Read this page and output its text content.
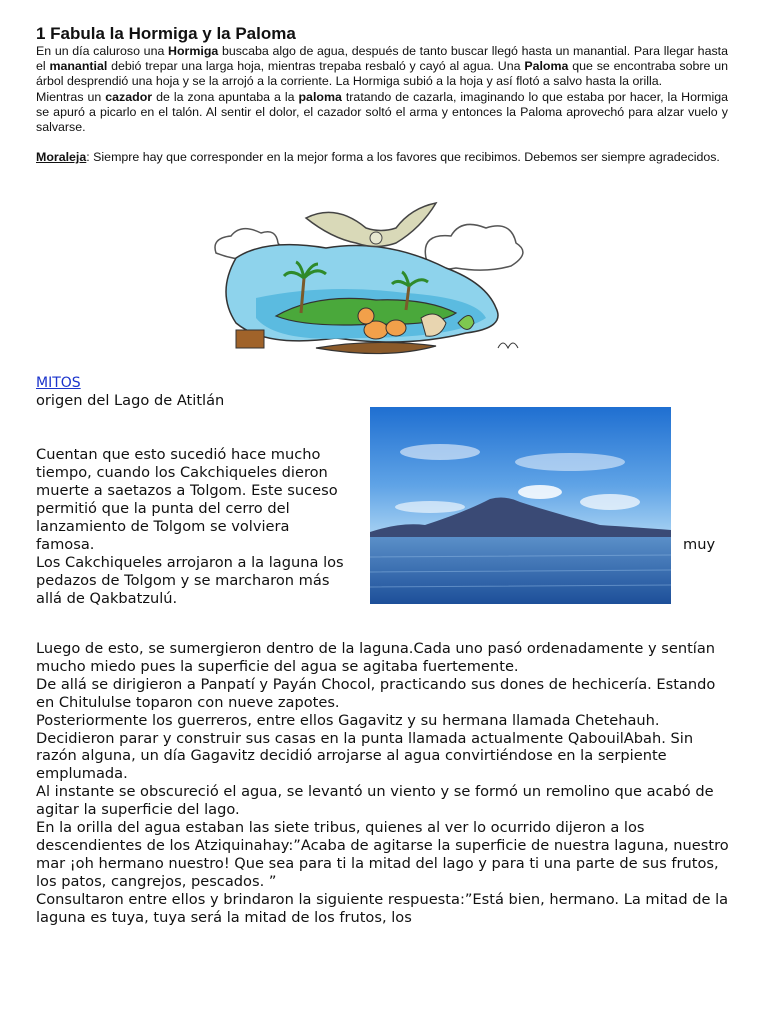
1 Fabula la Hormiga y la Paloma

En un día caluroso una Hormiga buscaba algo de agua, después de tanto buscar llegó hasta un manantial. Para llegar hasta el manantial debió trepar una larga hoja, mientras trepaba resbaló y cayó al agua. Una Paloma que se encontraba sobre un árbol desprendió una hoja y se la arrojó a la corriente. La Hormiga subió a la hoja y así flotó a salvo hasta la orilla.

Mientras un cazador de la zona apuntaba a la paloma tratando de cazarla, imaginando lo que estaba por hacer, la Hormiga se apuró a picarlo en el talón. Al sentir el dolor, el cazador soltó el arma y entonces la Paloma aprovechó para alzar vuelo y salvarse.

Moraleja: Siempre hay que corresponder en la mejor forma a los favores que recibimos. Debemos ser siempre agradecidos.

MITOS
origen del Lago de Atitlán

Cuentan que esto sucedió hace mucho tiempo, cuando los Cakchiqueles dieron muerte a saetazos a Tolgom. Este suceso permitió que la punta del cerro del lanzamiento de Tolgom se volviera
famosa.
Los Cakchiqueles arrojaron a la laguna los pedazos de Tolgom y se marcharon más allá de Qakbatzulú.

muy

Luego de esto, se sumergieron dentro de la laguna.Cada uno pasó ordenadamente y sentían mucho miedo pues la superficie del agua se agitaba fuertemente.

De allá se dirigieron a Panpatí y Payán Chocol, practicando sus dones de hechicería. Estando en Chitululse toparon con nueve zapotes.

Posteriormente los guerreros, entre ellos Gagavitz y su hermana llamada Chetehauh. Decidieron parar y construir sus casas en la punta llamada actualmente QabouilAbah. Sin razón alguna, un día Gagavitz decidió arrojarse al agua convirtiéndose en la serpiente emplumada.

Al instante se obscureció el agua, se levantó un viento y se formó un remolino que acabó de agitar la superficie del lago.

En la orilla del agua estaban las siete tribus, quienes al ver lo ocurrido dijeron a los descendientes de los Atziquinahay:”Acaba de agitarse la superficie de nuestra laguna, nuestro mar ¡oh hermano nuestro! Que sea para ti la mitad del lago y para ti una parte de sus frutos, los patos, cangrejos, pescados. ”

Consultaron entre ellos y brindaron la siguiente respuesta:”Está bien, hermano. La mitad de la laguna es tuya, tuya será la mitad de los frutos, los
